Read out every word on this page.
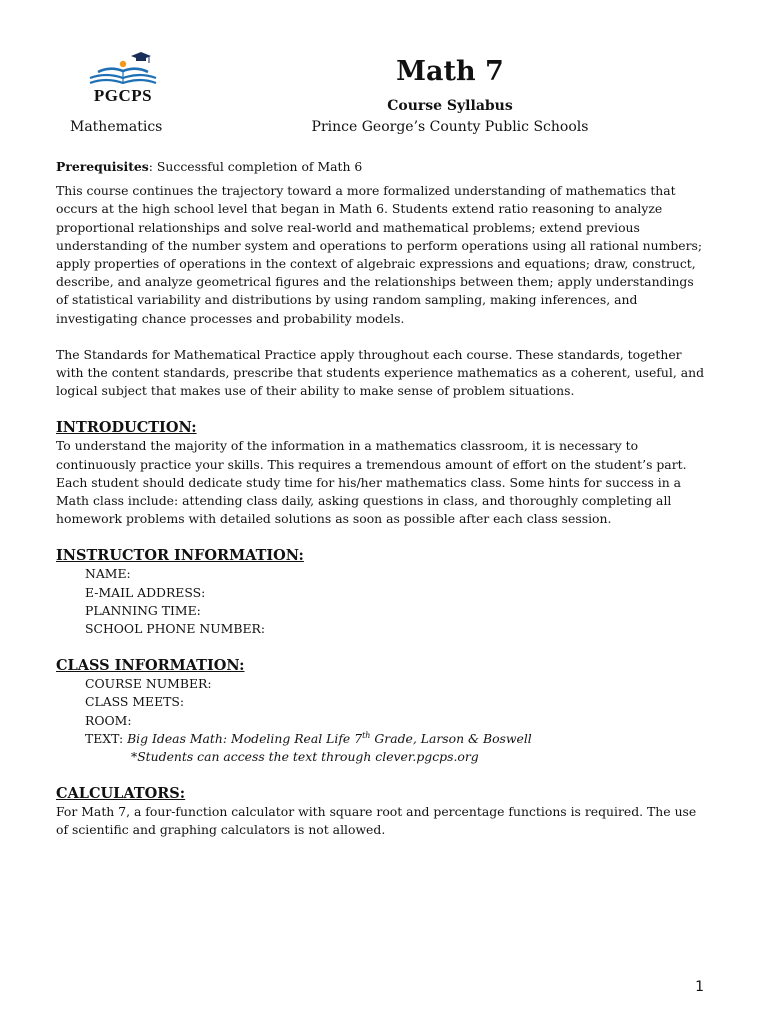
PGCPS
Mathematics
Math 7
Course Syllabus
Prince George’s County Public Schools

Prerequisites: Successful completion of Math 6

This course continues the trajectory toward a more formalized understanding of mathematics that occurs at the high school level that began in Math 6. Students extend ratio reasoning to analyze proportional relationships and solve real-world and mathematical problems; extend previous understanding of the number system and operations to perform operations using all rational numbers; apply properties of operations in the context of algebraic expressions and equations; draw, construct, describe, and analyze geometrical figures and the relationships between them; apply understandings of statistical variability and distributions by using random sampling, making inferences, and investigating chance processes and probability models.

The Standards for Mathematical Practice apply throughout each course. These standards, together with the content standards, prescribe that students experience mathematics as a coherent, useful, and logical subject that makes use of their ability to make sense of problem situations.

INTRODUCTION:

To understand the majority of the information in a mathematics classroom, it is necessary to continuously practice your skills. This requires a tremendous amount of effort on the student’s part. Each student should dedicate study time for his/her mathematics class. Some hints for success in a Math class include: attending class daily, asking questions in class, and thoroughly completing all homework problems with detailed solutions as soon as possible after each class session.

INSTRUCTOR INFORMATION:

NAME:

E-MAIL ADDRESS:

PLANNING TIME:

SCHOOL PHONE NUMBER:

CLASS INFORMATION:

COURSE NUMBER:

CLASS MEETS:

ROOM:

TEXT: Big Ideas Math: Modeling Real Life 7th Grade, Larson & Boswell

*Students can access the text through clever.pgcps.org

CALCULATORS:

For Math 7, a four-function calculator with square root and percentage functions is required. The use of scientific and graphing calculators is not allowed.

1
